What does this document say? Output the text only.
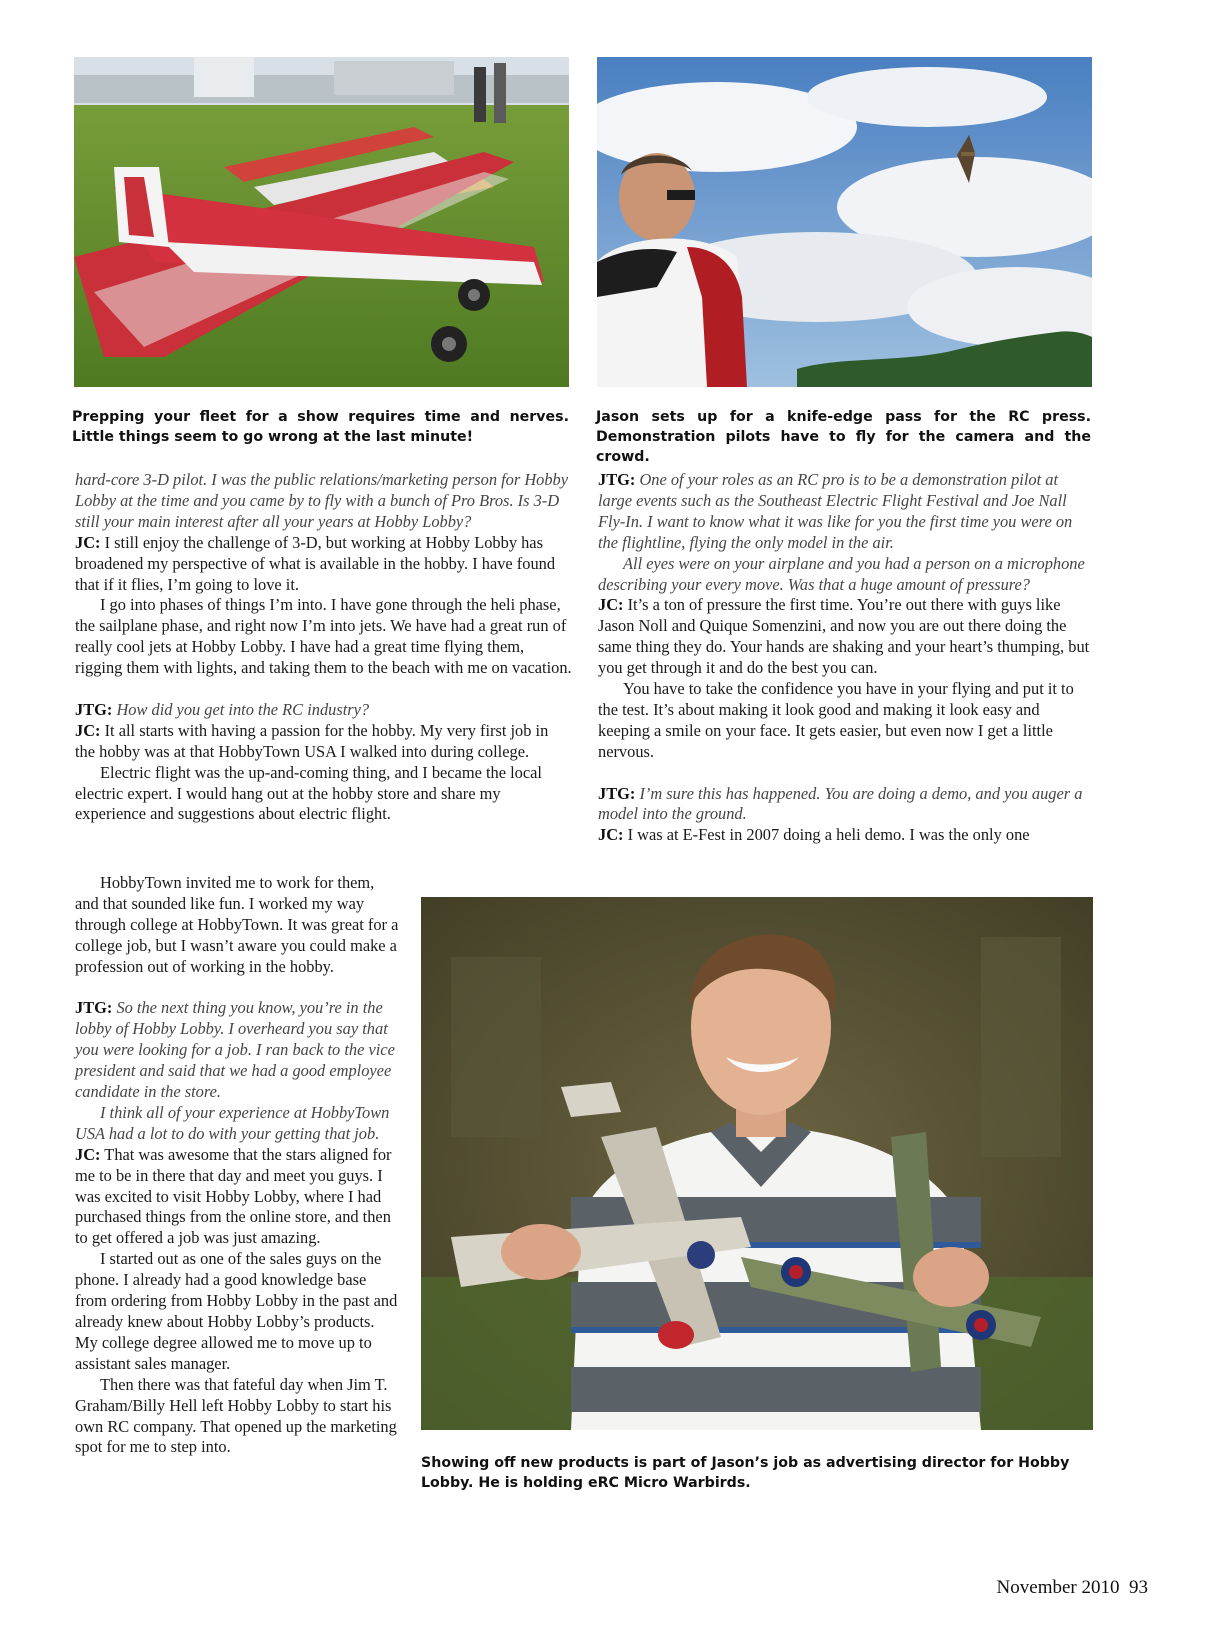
Prepping your fleet for a show requires time and nerves. Little things seem to go wrong at the last minute!
Jason sets up for a knife-edge pass for the RC press. Demonstration pilots have to fly for the camera and the crowd.

hard-core 3-D pilot. I was the public relations/marketing person for Hobby Lobby at the time and you came by to fly with a bunch of Pro Bros. Is 3-D still your main interest after all your years at Hobby Lobby?

JC: I still enjoy the challenge of 3-D, but working at Hobby Lobby has broadened my perspective of what is available in the hobby. I have found that if it flies, I’m going to love it.

I go into phases of things I’m into. I have gone through the heli phase, the sailplane phase, and right now I’m into jets. We have had a great run of really cool jets at Hobby Lobby. I have had a great time flying them, rigging them with lights, and taking them to the beach with me on vacation.

JTG: How did you get into the RC industry?

JC: It all starts with having a passion for the hobby. My very first job in the hobby was at that HobbyTown USA I walked into during college.

Electric flight was the up-and-coming thing, and I became the local electric expert. I would hang out at the hobby store and share my experience and suggestions about electric flight.

HobbyTown invited me to work for them, and that sounded like fun. I worked my way through college at HobbyTown. It was great for a college job, but I wasn’t aware you could make a profession out of working in the hobby.

JTG: So the next thing you know, you’re in the lobby of Hobby Lobby. I overheard you say that you were looking for a job. I ran back to the vice president and said that we had a good employee candidate in the store.

I think all of your experience at HobbyTown USA had a lot to do with your getting that job.

JC: That was awesome that the stars aligned for me to be in there that day and meet you guys. I was excited to visit Hobby Lobby, where I had purchased things from the online store, and then to get offered a job was just amazing.

I started out as one of the sales guys on the phone. I already had a good knowledge base from ordering from Hobby Lobby in the past and already knew about Hobby Lobby’s products. My college degree allowed me to move up to assistant sales manager.

Then there was that fateful day when Jim T. Graham/Billy Hell left Hobby Lobby to start his own RC company. That opened up the marketing spot for me to step into.

JTG: One of your roles as an RC pro is to be a demonstration pilot at large events such as the Southeast Electric Flight Festival and Joe Nall Fly-In. I want to know what it was like for you the first time you were on the flightline, flying the only model in the air.

All eyes were on your airplane and you had a person on a microphone describing your every move. Was that a huge amount of pressure?

JC: It’s a ton of pressure the first time. You’re out there with guys like Jason Noll and Quique Somenzini, and now you are out there doing the same thing they do. Your hands are shaking and your heart’s thumping, but you get through it and do the best you can.

You have to take the confidence you have in your flying and put it to the test. It’s about making it look good and making it look easy and keeping a smile on your face. It gets easier, but even now I get a little nervous.

JTG: I’m sure this has happened. You are doing a demo, and you auger a model into the ground.

JC: I was at E-Fest in 2007 doing a heli demo. I was the only one

Showing off new products is part of Jason’s job as advertising director for Hobby Lobby. He is holding eRC Micro Warbirds.
November 2010 93
